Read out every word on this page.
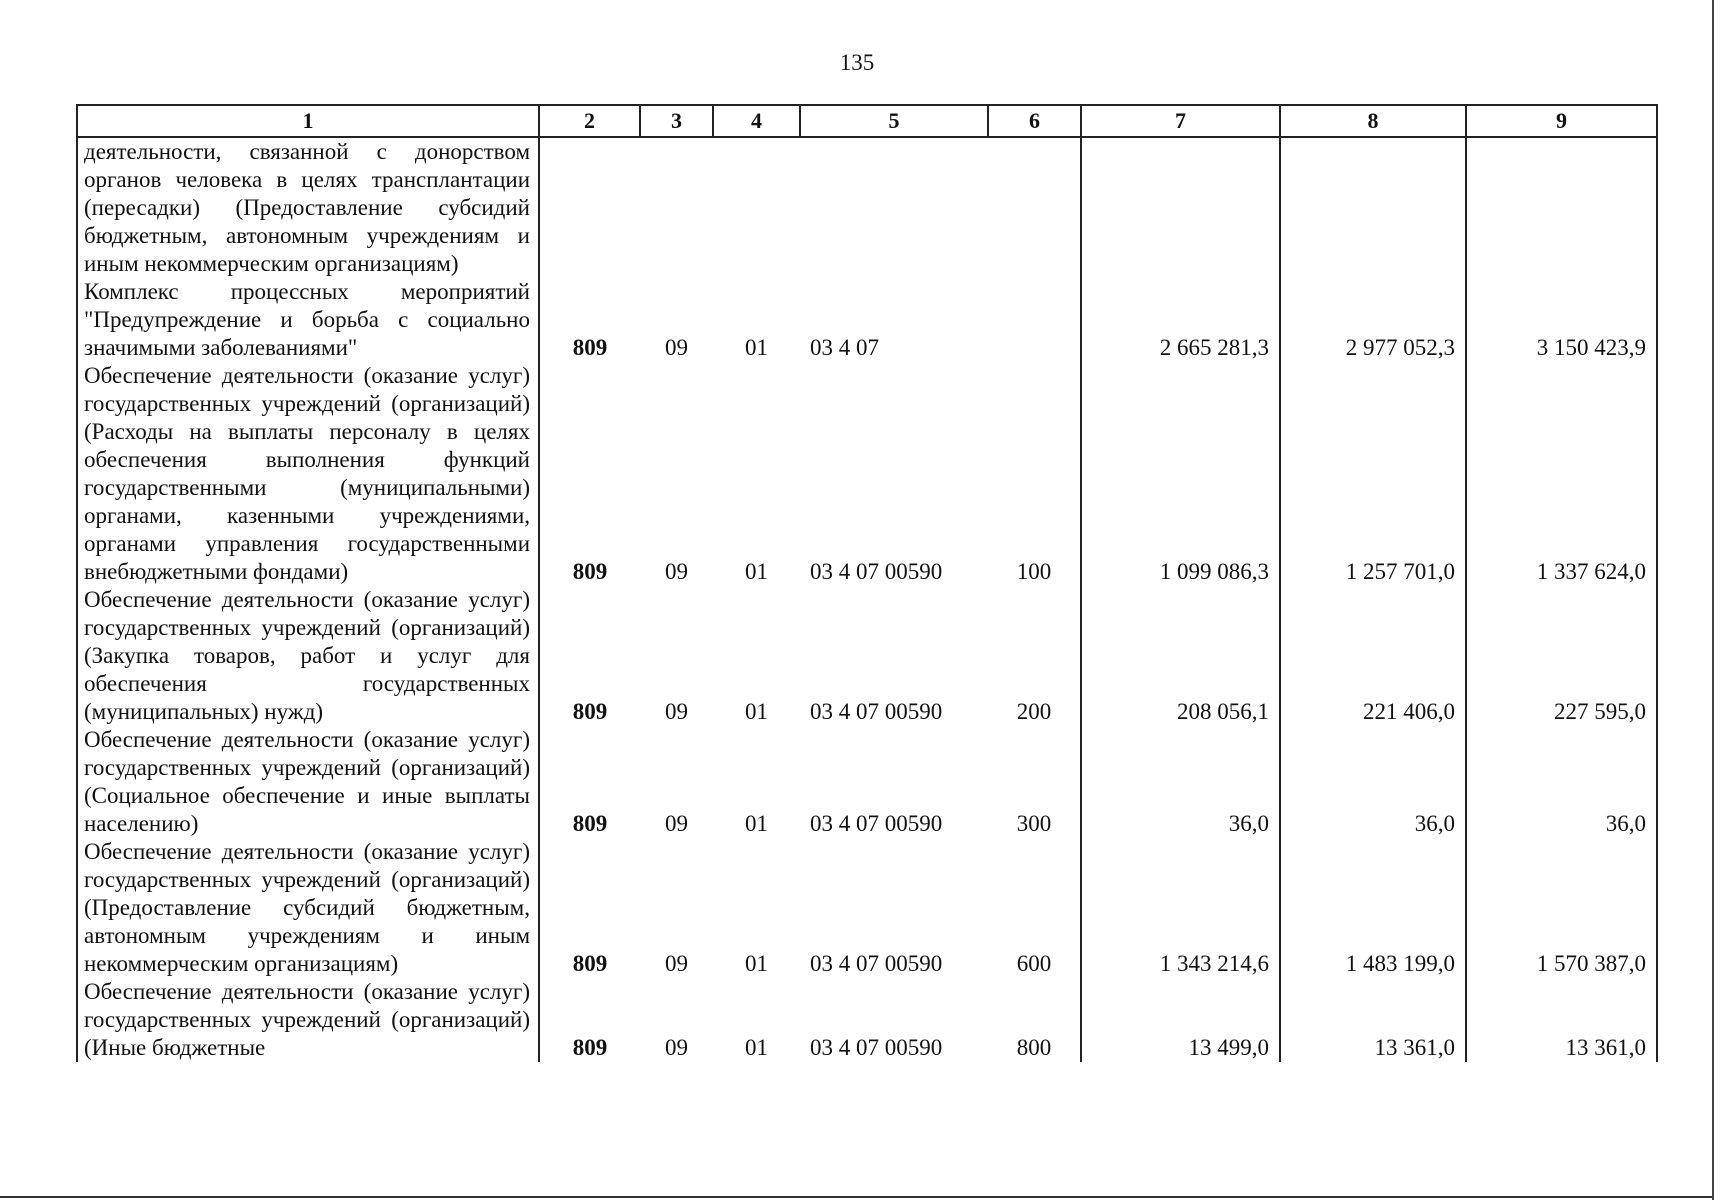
135
1	2	3	4	5	6	7	8	9
деятельности, связанной с донорством органов человека в целях трансплантации (пересадки) (Предоставление субсидий бюджетным, автономным учреждениям и иным некоммерческим организациям)								
Комплекс процессных мероприятий "Предупреждение и борьба с социально значимыми заболеваниями"	809	09	01	03 4 07		2 665 281,3	2 977 052,3	3 150 423,9
Обеспечение деятельности (оказание услуг) государственных учреждений (организаций) (Расходы на выплаты персоналу в целях обеспечения выполнения функций государственными (муниципальными) органами, казенными учреждениями, органами управления государственными внебюджетными фондами)	809	09	01	03 4 07 00590	100	1 099 086,3	1 257 701,0	1 337 624,0
Обеспечение деятельности (оказание услуг) государственных учреждений (организаций) (Закупка товаров, работ и услуг для обеспечения государственных (муниципальных) нужд)	809	09	01	03 4 07 00590	200	208 056,1	221 406,0	227 595,0
Обеспечение деятельности (оказание услуг) государственных учреждений (организаций) (Социальное обеспечение и иные выплаты населению)	809	09	01	03 4 07 00590	300	36,0	36,0	36,0
Обеспечение деятельности (оказание услуг) государственных учреждений (организаций) (Предоставление субсидий бюджетным, автономным учреждениям и иным некоммерческим организациям)	809	09	01	03 4 07 00590	600	1 343 214,6	1 483 199,0	1 570 387,0
Обеспечение деятельности (оказание услуг) государственных учреждений (организаций) (Иные бюджетные	809	09	01	03 4 07 00590	800	13 499,0	13 361,0	13 361,0
